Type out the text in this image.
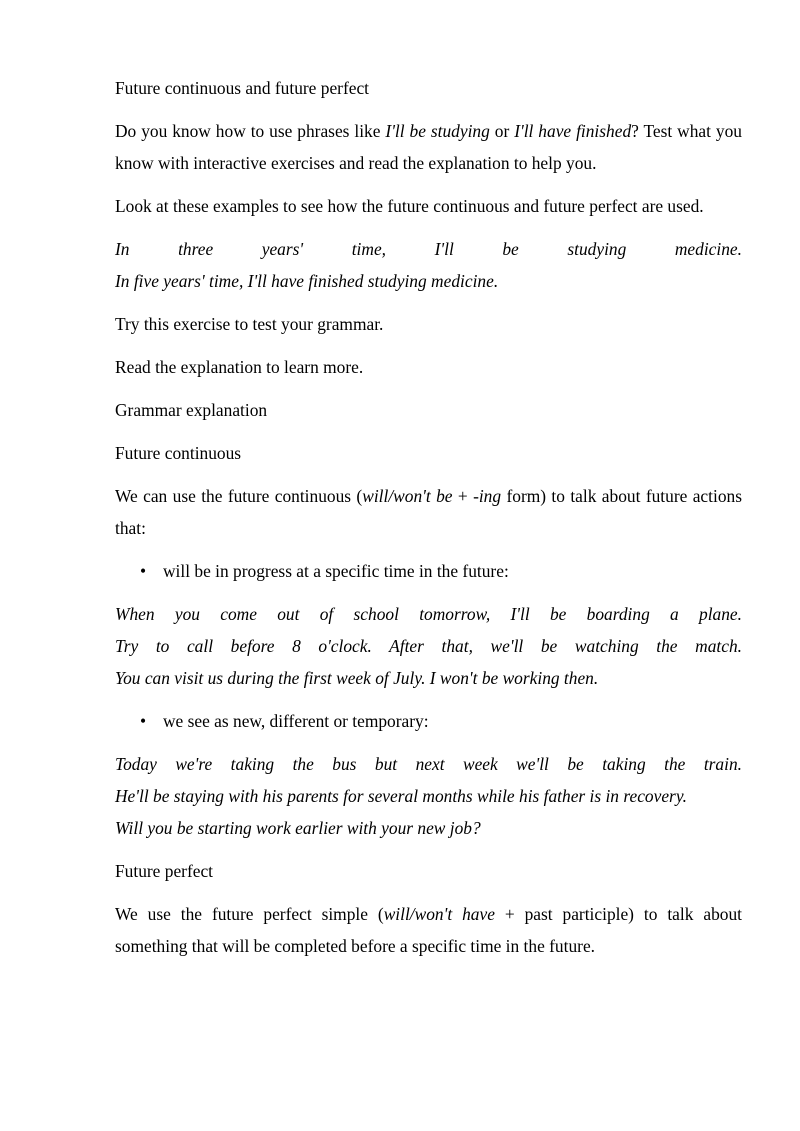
Future continuous and future perfect

Do you know how to use phrases like I'll be studying or I'll have finished? Test what you know with interactive exercises and read the explanation to help you.

Look at these examples to see how the future continuous and future perfect are used.

In three years' time, I'll be studying medicine.
In five years' time, I'll have finished studying medicine.

Try this exercise to test your grammar.

Read the explanation to learn more.

Grammar explanation

Future continuous

We can use the future continuous (will/won't be + -ing form) to talk about future actions that:

• will be in progress at a specific time in the future:

When you come out of school tomorrow, I'll be boarding a plane.
Try to call before 8 o'clock. After that, we'll be watching the match.
You can visit us during the first week of July. I won't be working then.

• we see as new, different or temporary:

Today we're taking the bus but next week we'll be taking the train.
He'll be staying with his parents for several months while his father is in recovery.
Will you be starting work earlier with your new job?

Future perfect

We use the future perfect simple (will/won't have + past participle) to talk about something that will be completed before a specific time in the future.
